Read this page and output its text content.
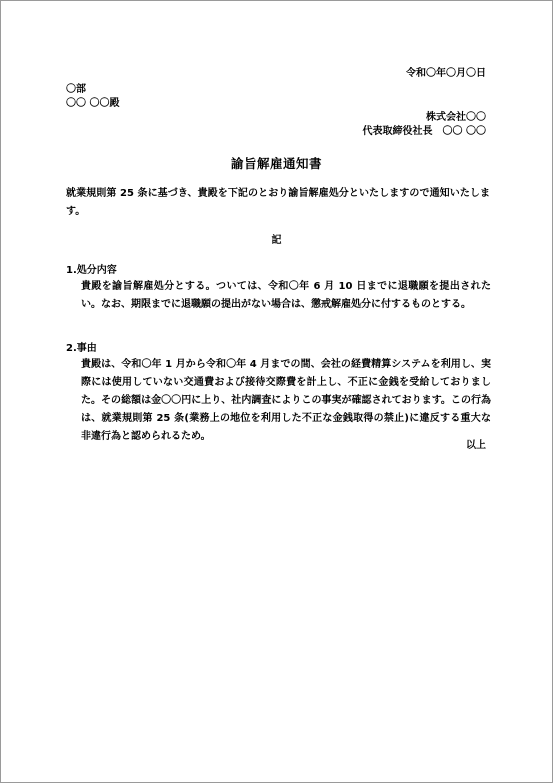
令和〇年〇月〇日
〇部
〇〇 〇〇殿
株式会社〇〇
代表取締役社長　〇〇 〇〇
諭旨解雇通知書
就業規則第 25 条に基づき、貴殿を下記のとおり諭旨解雇処分といたしますので通知いたします。
記
1.処分内容
貴殿を諭旨解雇処分とする。ついては、令和〇年 6 月 10 日までに退職願を提出されたい。なお、期限までに退職願の提出がない場合は、懲戒解雇処分に付するものとする。
2.事由
貴殿は、令和〇年 1 月から令和〇年 4 月までの間、会社の経費精算システムを利用し、実際には使用していない交通費および接待交際費を計上し、不正に金銭を受給しておりました。その総額は金〇〇円に上り、社内調査によりこの事実が確認されております。この行為は、就業規則第 25 条(業務上の地位を利用した不正な金銭取得の禁止)に違反する重大な非違行為と認められるため。
以上
